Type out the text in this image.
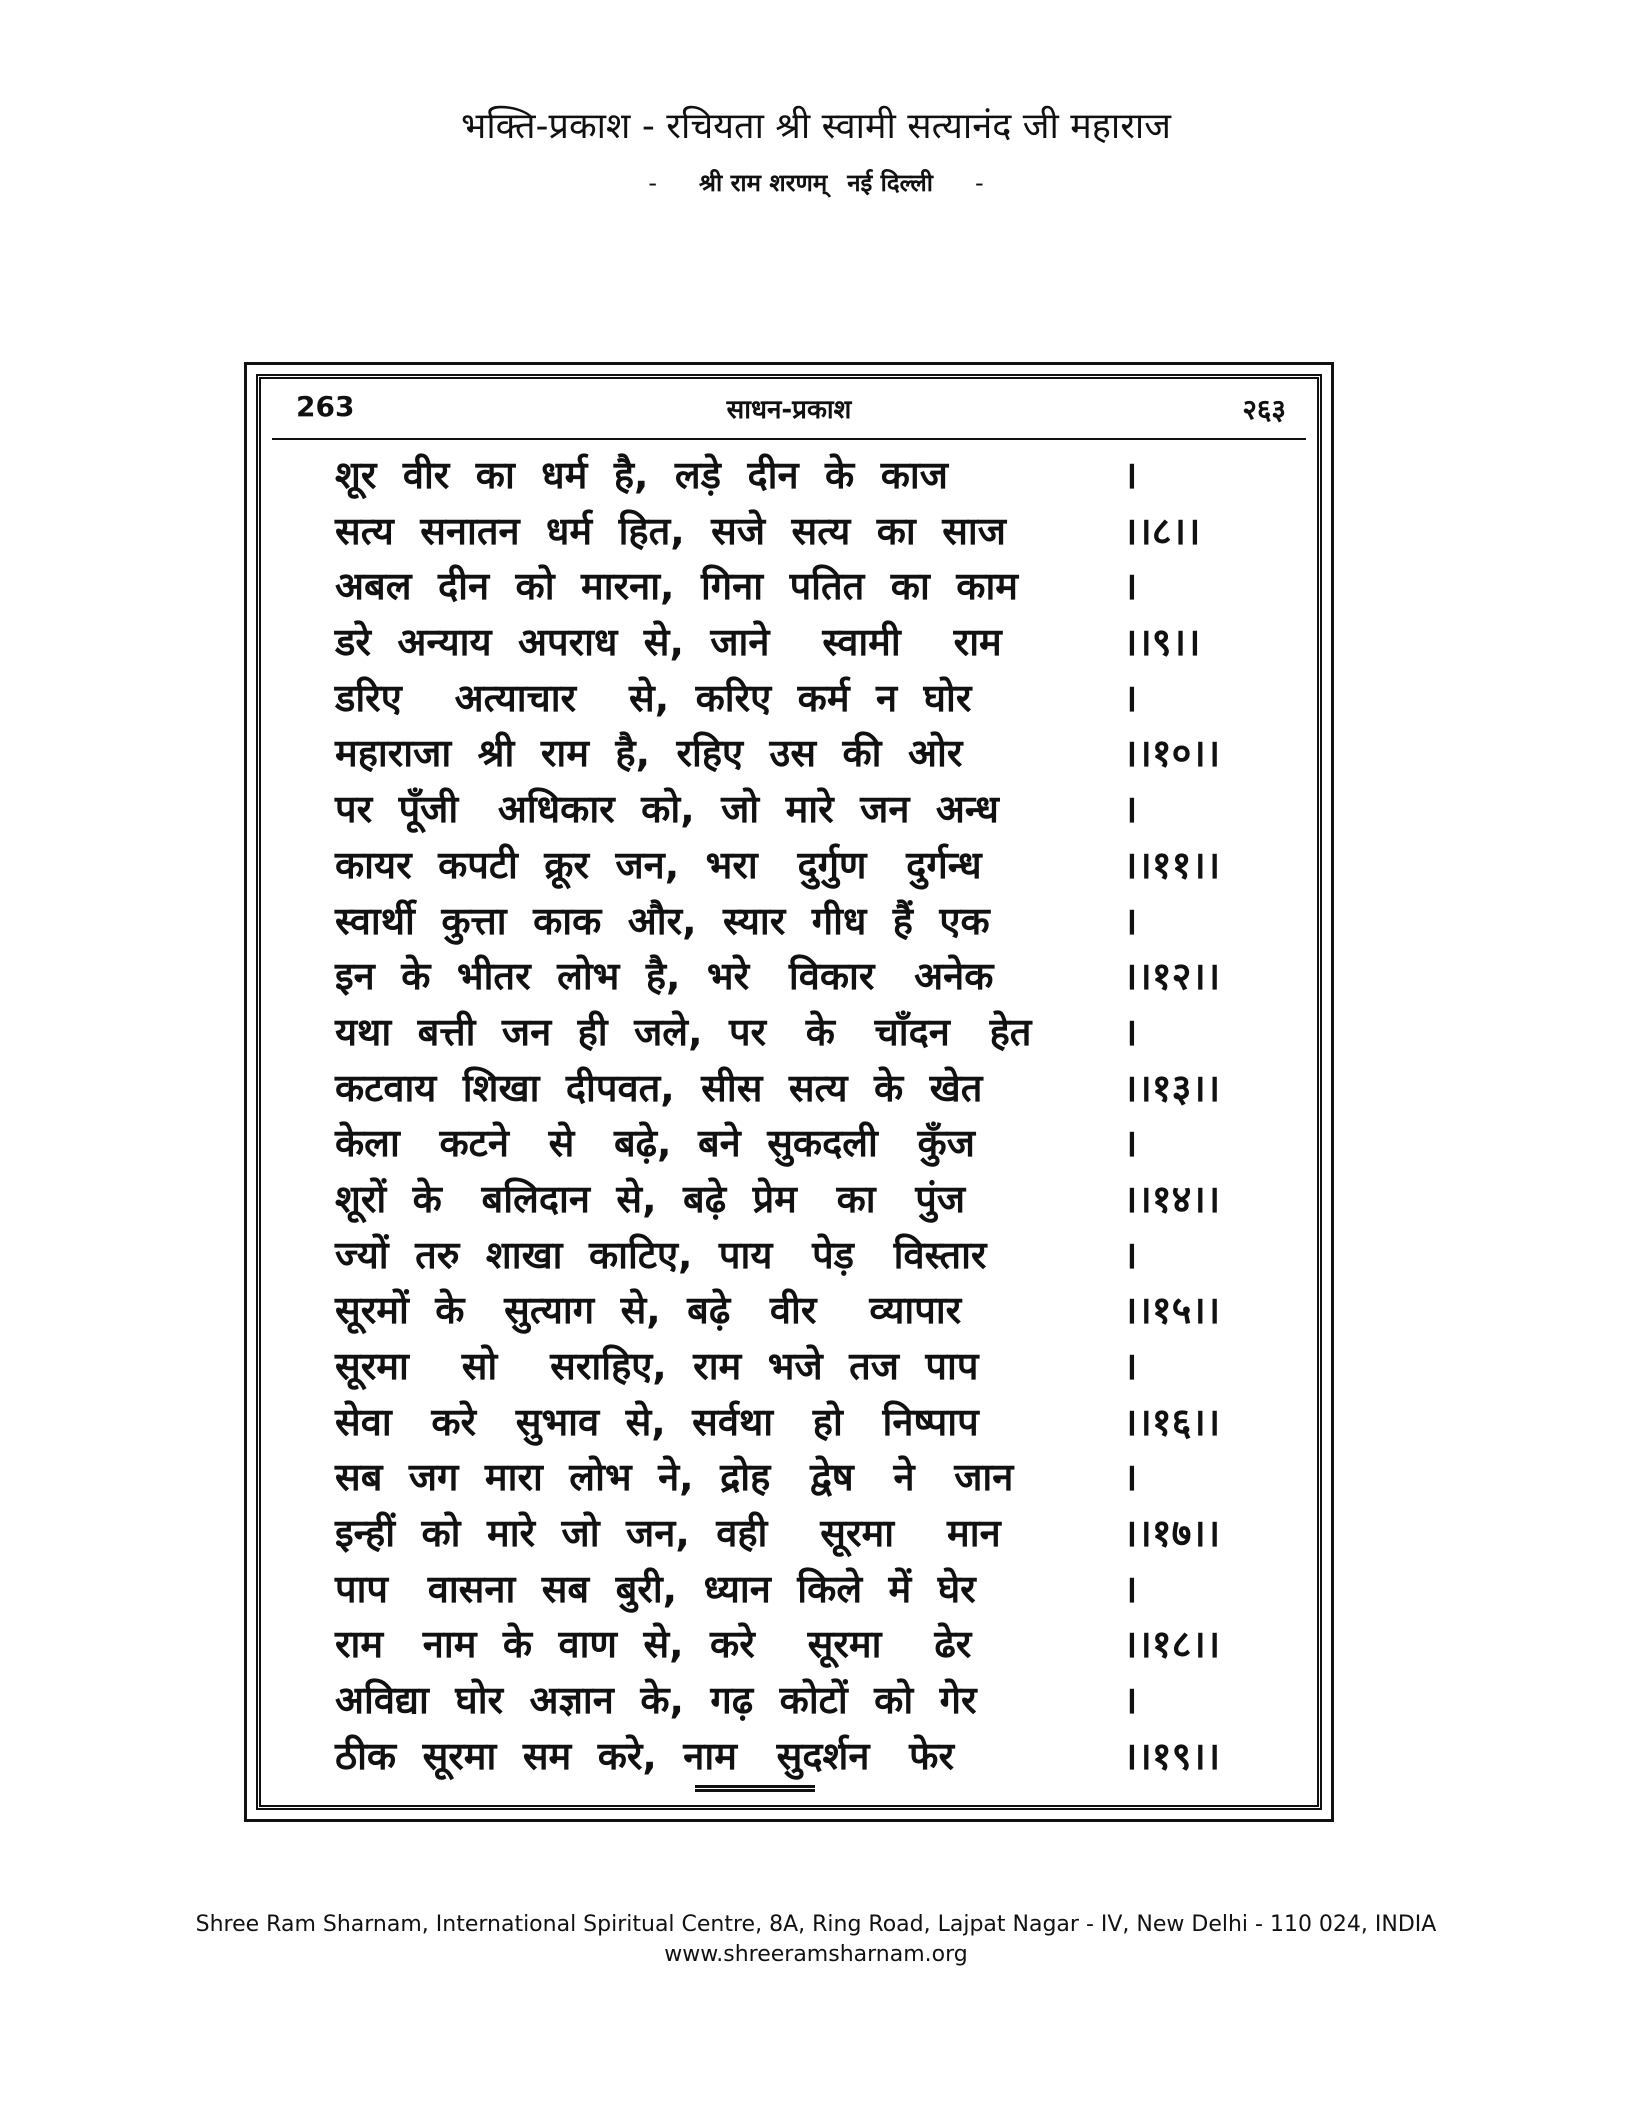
भक्ति-प्रकाश - रचियता श्री स्वामी सत्यानंद जी महाराज
- श्री राम शरणम् नई दिल्ली -
263	साधन-प्रकाश	२६३
शूर  वीर  का  धर्म  है,  लड़े  दीन  के  काज	।
सत्य  सनातन  धर्म  हित,  सजे  सत्य  का  साज	।।८।।
अबल  दीन  को  मारना,  गिना  पतित  का  काम	।
डरे  अन्याय  अपराध  से,  जाने    स्वामी    राम	।।९।।
डरिए    अत्याचार    से,  करिए  कर्म  न  घोर	।
महाराजा  श्री  राम  है,  रहिए  उस  की  ओर	।।१०।।
पर  पूँजी   अधिकार  को,  जो  मारे  जन  अन्ध	।
कायर  कपटी  क्रूर  जन,  भरा   दुर्गुण   दुर्गन्ध	।।११।।
स्वार्थी  कुत्ता  काक  और,  स्यार  गीध  हैं  एक	।
इन  के  भीतर  लोभ  है,  भरे   विकार   अनेक	।।१२।।
यथा  बत्ती  जन  ही  जले,  पर   के   चाँदन   हेत ।
कटवाय  शिखा  दीपवत,  सीस  सत्य  के  खेत	।।१३।।
केला   कटने   से   बढ़े,  बने  सुकदली   कुँज	।
शूरों  के   बलिदान  से,  बढ़े  प्रेम   का   पुंज	।।१४।।
ज्यों  तरु  शाखा  काटिए,  पाय   पेड़   विस्तार	।
सूरमों  के   सुत्याग  से,  बढ़े   वीर    व्यापार	।।१५।।
सूरमा    सो    सराहिए,  राम  भजे  तज  पाप	।
सेवा   करे   सुभाव  से,  सर्वथा   हो   निष्पाप	।।१६।।
सब  जग  मारा  लोभ  ने,  द्रोह   द्वेष   ने   जान	।
इन्हीं  को  मारे  जो  जन,  वही    सूरमा    मान	।।१७।।
पाप   वासना  सब  बुरी,  ध्यान  किले  में  घेर	।
राम   नाम  के  वाण  से,  करे    सूरमा    ढेर	।।१८।।
अविद्या  घोर  अज्ञान  के,  गढ़  कोटों  को  गेर	।
ठीक  सूरमा  सम  करे,  नाम   सुदर्शन   फेर	।।१९।।
Shree Ram Sharnam, International Spiritual Centre, 8A, Ring Road, Lajpat Nagar - IV, New Delhi - 110 024, INDIA
www.shreeramsharnam.org
